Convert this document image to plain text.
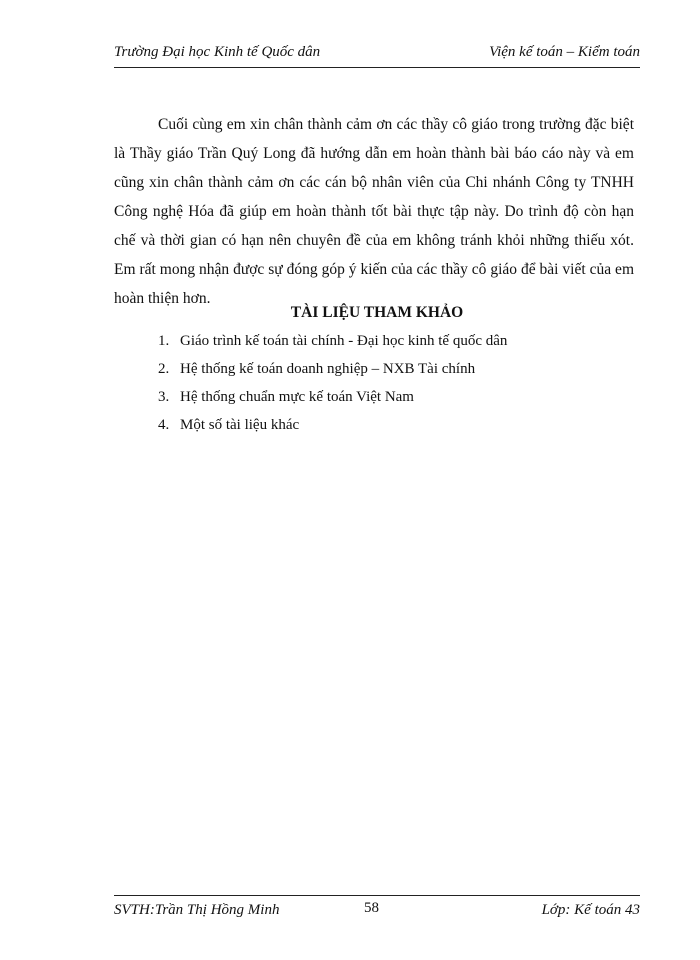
Trường Đại học Kinh tế Quốc dân	Viện kế toán – Kiểm toán

Cuối cùng em xin chân thành cảm ơn các thầy cô giáo trong trường đặc biệt là Thầy giáo Trần Quý Long đã hướng dẫn em hoàn thành bài báo cáo này và em cũng xin chân thành cảm ơn các cán bộ nhân viên của Chi nhánh Công ty TNHH Công nghệ Hóa đã giúp em hoàn thành tốt bài thực tập này. Do trình độ còn hạn chế và thời gian có hạn nên chuyên đề của em không tránh khỏi những thiếu xót. Em rất mong nhận được sự đóng góp ý kiến của các thầy cô giáo để bài viết của em hoàn thiện hơn.

TÀI LIỆU THAM KHẢO
1. Giáo trình kế toán tài chính - Đại học kinh tế quốc dân
2. Hệ thống kế toán doanh nghiệp – NXB Tài chính
3. Hệ thống chuẩn mực kế toán Việt Nam
4. Một số tài liệu khác
SVTH:Trần Thị Hồng Minh	58	Lớp: Kế toán 43
